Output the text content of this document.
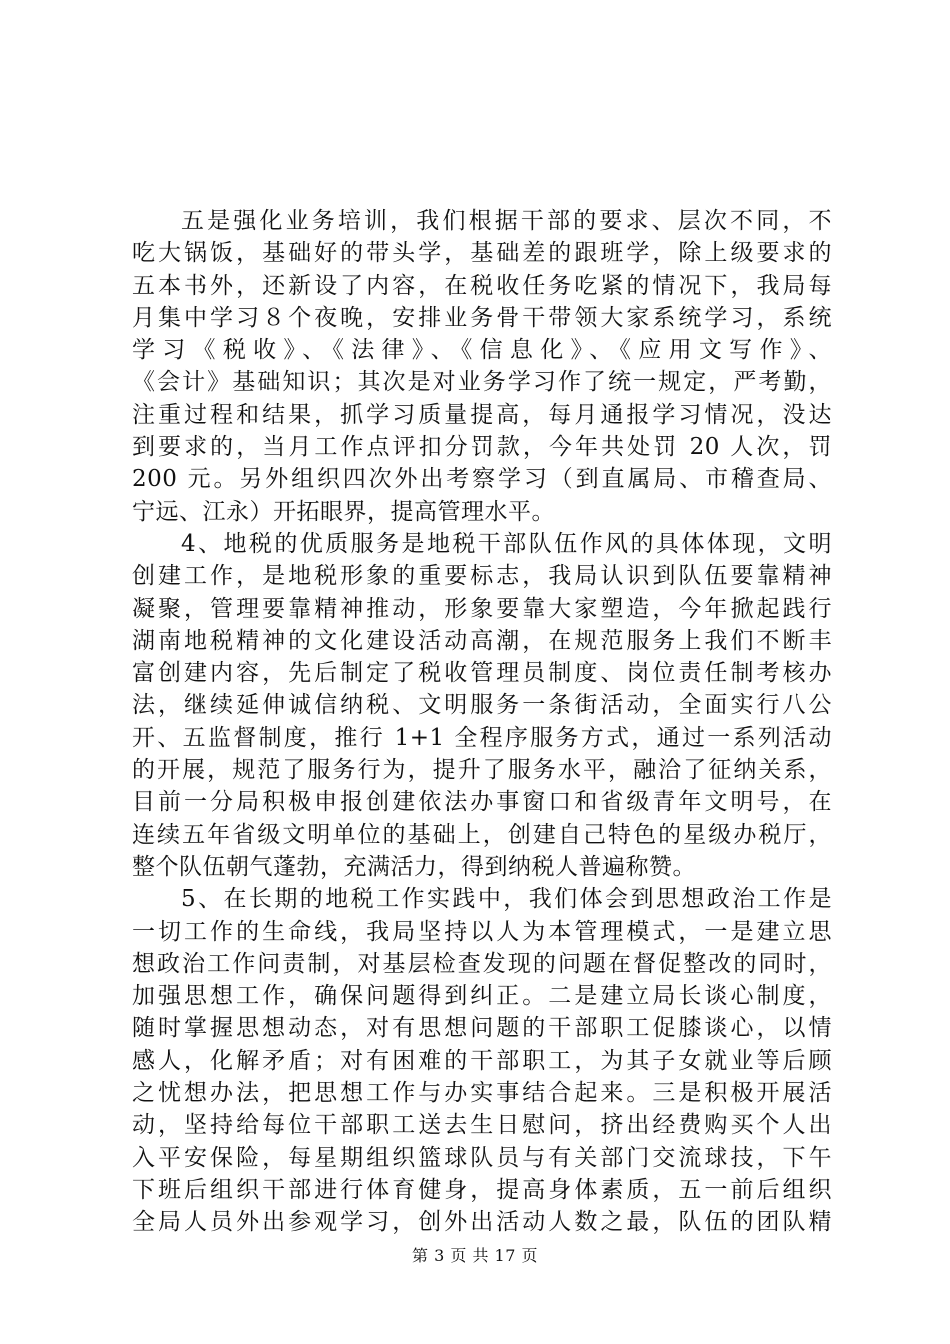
五是强化业务培训，我们根据干部的要求、层次不同，不
吃大锅饭，基础好的带头学，基础差的跟班学，除上级要求的
五本书外，还新设了内容，在税收任务吃紧的情况下，我局每
月集中学习８个夜晚，安排业务骨干带领大家系统学习，系统
学习《税收》、《法律》、《信息化》、《应用文写作》、
《会计》基础知识；其次是对业务学习作了统一规定，严考勤，
注重过程和结果，抓学习质量提高，每月通报学习情况，没达
到要求的，当月工作点评扣分罚款，今年共处罚 20 人次，罚
200 元。另外组织四次外出考察学习（到直属局、市稽查局、
宁远、江永）开拓眼界，提高管理水平。
4、地税的优质服务是地税干部队伍作风的具体体现，文明
创建工作，是地税形象的重要标志，我局认识到队伍要靠精神
凝聚，管理要靠精神推动，形象要靠大家塑造，今年掀起践行
湖南地税精神的文化建设活动高潮，在规范服务上我们不断丰
富创建内容，先后制定了税收管理员制度、岗位责任制考核办
法，继续延伸诚信纳税、文明服务一条街活动，全面实行八公
开、五监督制度，推行 1+1 全程序服务方式，通过一系列活动
的开展，规范了服务行为，提升了服务水平，融洽了征纳关系，
目前一分局积极申报创建依法办事窗口和省级青年文明号，在
连续五年省级文明单位的基础上，创建自己特色的星级办税厅，
整个队伍朝气蓬勃，充满活力，得到纳税人普遍称赞。
5、在长期的地税工作实践中，我们体会到思想政治工作是
一切工作的生命线，我局坚持以人为本管理模式，一是建立思
想政治工作问责制，对基层检查发现的问题在督促整改的同时，
加强思想工作，确保问题得到纠正。二是建立局长谈心制度，
随时掌握思想动态，对有思想问题的干部职工促膝谈心，以情
感人，化解矛盾；对有困难的干部职工，为其子女就业等后顾
之忧想办法，把思想工作与办实事结合起来。三是积极开展活
动，坚持给每位干部职工送去生日慰问，挤出经费购买个人出
入平安保险，每星期组织篮球队员与有关部门交流球技，下午
下班后组织干部进行体育健身，提高身体素质，五一前后组织
全局人员外出参观学习，创外出活动人数之最，队伍的团队精
第 3 页 共 17 页
